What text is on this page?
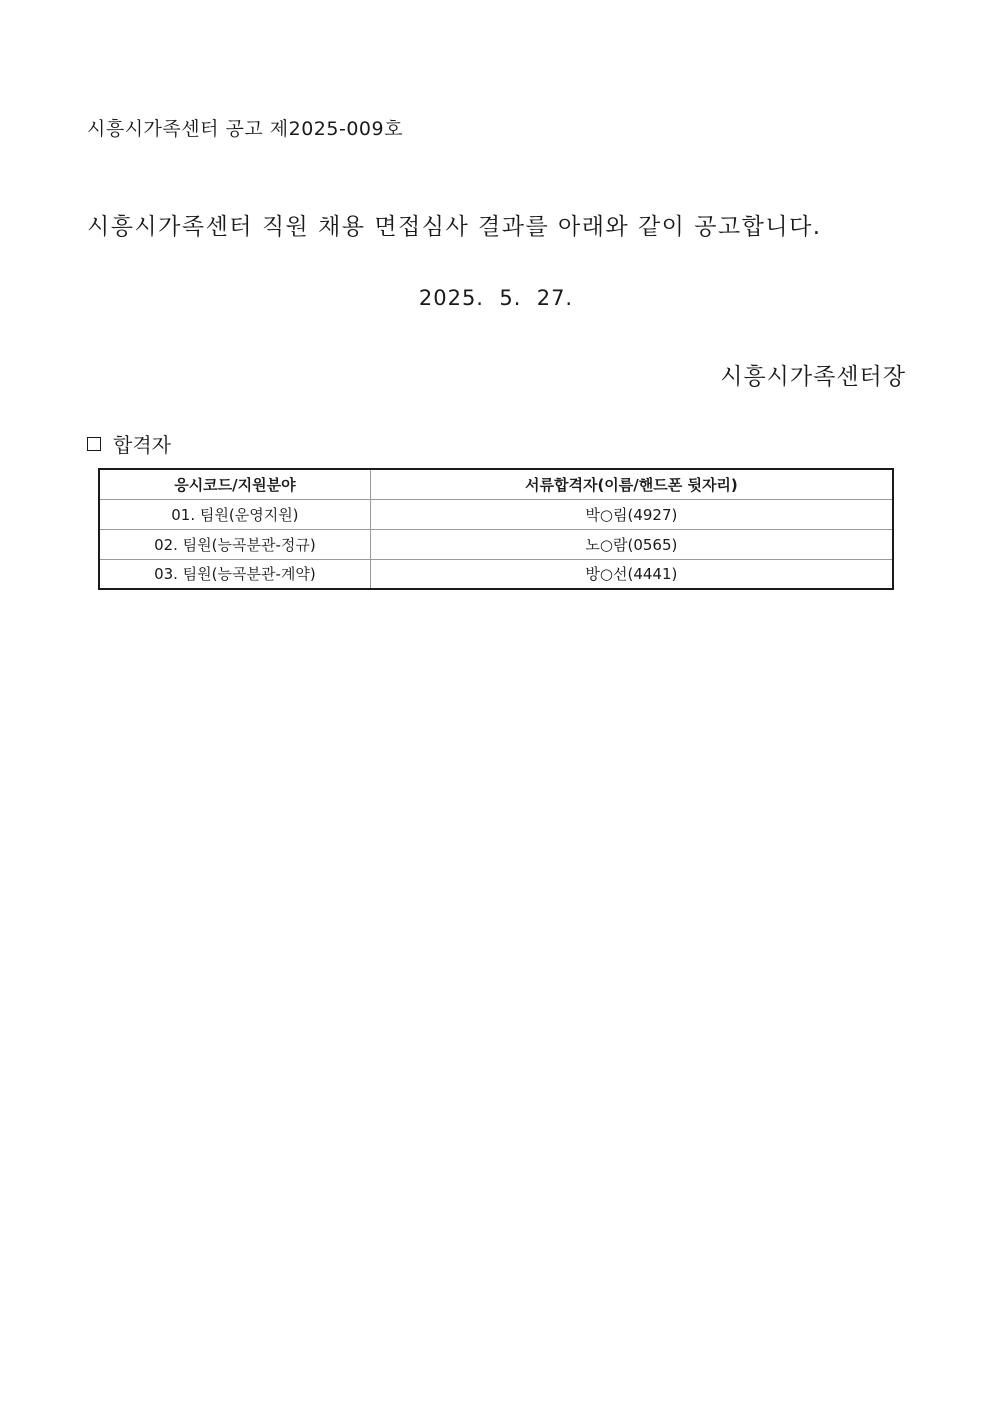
시흥시가족센터 공고 제2025-009호
시흥시가족센터 직원 채용 면접심사 결과를 아래와 같이 공고합니다.
2025.  5.  27.
시흥시가족센터장
합격자
응시코드/지원분야	서류합격자(이름/핸드폰 뒷자리)
01. 팀원(운영지원)	박○림(4927)
02. 팀원(능곡분관-정규)	노○람(0565)
03. 팀원(능곡분관-계약)	방○선(4441)
